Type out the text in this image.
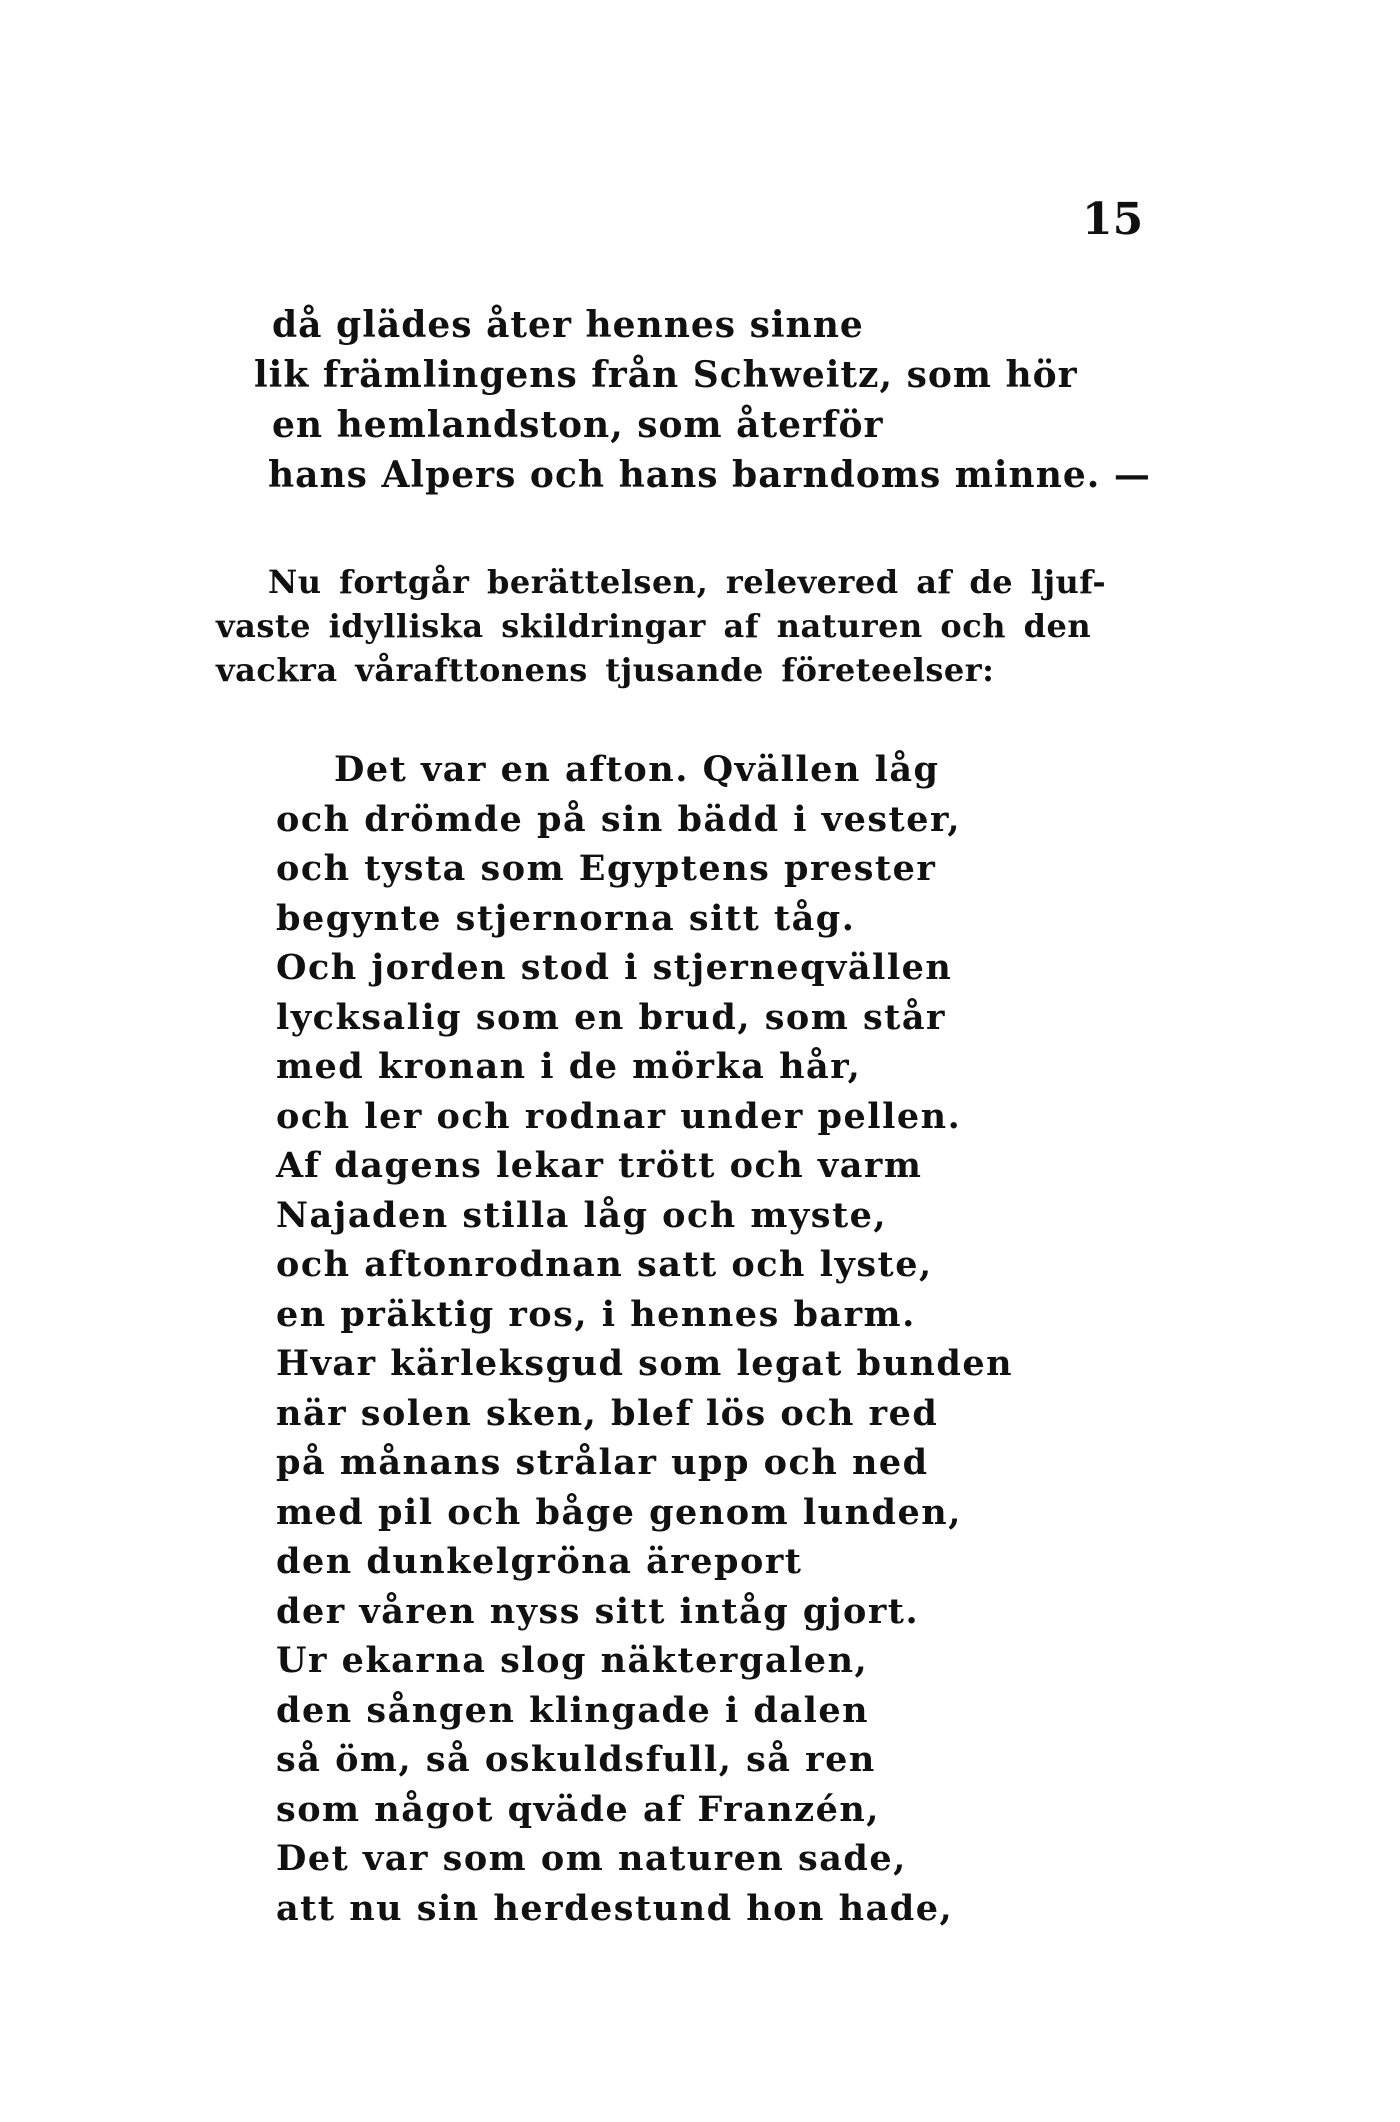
15
då glädes åter hennes sinne
lik främlingens från Schweitz, som hör
en hemlandston, som återför
hans Alpers och hans barndoms minne. —
Nu fortgår berättelsen, relevered af de ljuf-
vaste idylliska skildringar af naturen och den
vackra vårafttonens tjusande företeelser:
Det var en afton. Qvällen låg
och drömde på sin bädd i vester,
och tysta som Egyptens prester
begynte stjernorna sitt tåg.
Och jorden stod i stjerneqvällen
lycksalig som en brud, som står
med kronan i de mörka hår,
och ler och rodnar under pellen.
Af dagens lekar trött och varm
Najaden stilla låg och myste,
och aftonrodnan satt och lyste,
en präktig ros, i hennes barm.
Hvar kärleksgud som legat bunden
när solen sken, blef lös och red
på månans strålar upp och ned
med pil och båge genom lunden,
den dunkelgröna äreport
der våren nyss sitt intåg gjort.
Ur ekarna slog näktergalen,
den sången klingade i dalen
så öm, så oskuldsfull, så ren
som något qväde af Franzén,
Det var som om naturen sade,
att nu sin herdestund hon hade,
